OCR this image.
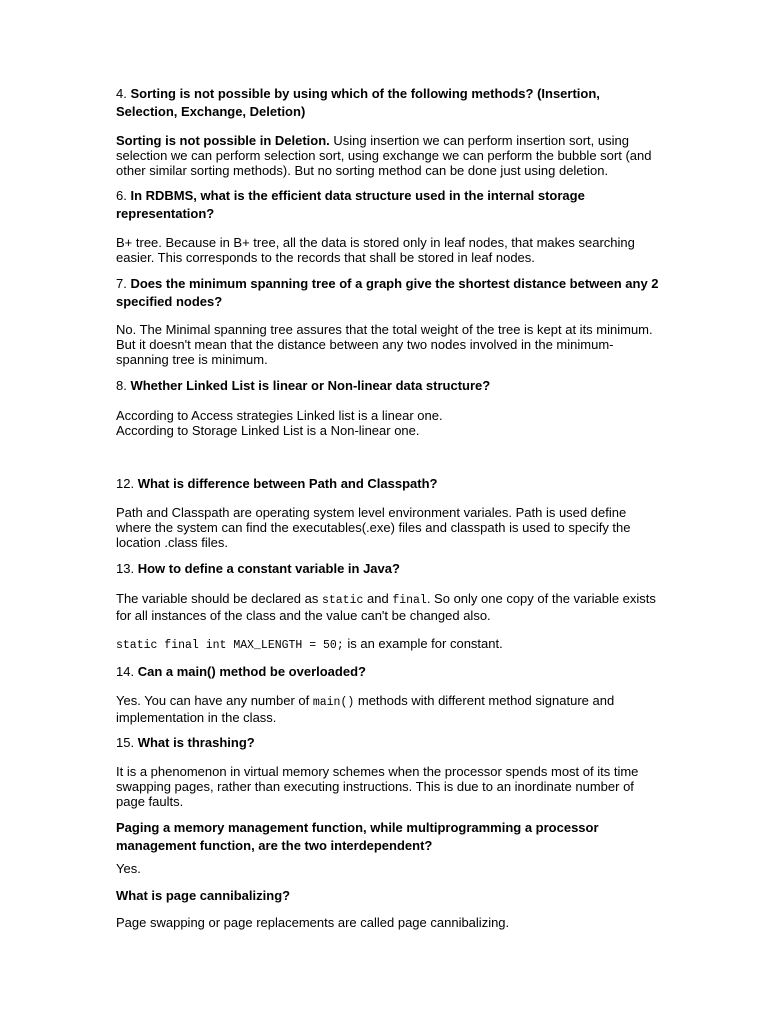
4. Sorting is not possible by using which of the following methods? (Insertion, Selection, Exchange, Deletion)

Sorting is not possible in Deletion. Using insertion we can perform insertion sort, using selection we can perform selection sort, using exchange we can perform the bubble sort (and other similar sorting methods). But no sorting method can be done just using deletion.

6. In RDBMS, what is the efficient data structure used in the internal storage representation?

B+ tree. Because in B+ tree, all the data is stored only in leaf nodes, that makes searching easier. This corresponds to the records that shall be stored in leaf nodes.

7. Does the minimum spanning tree of a graph give the shortest distance between any 2 specified nodes?

No. The Minimal spanning tree assures that the total weight of the tree is kept at its minimum. But it doesn't mean that the distance between any two nodes involved in the minimum-spanning tree is minimum.

8. Whether Linked List is linear or Non-linear data structure?

According to Access strategies Linked list is a linear one.
According to Storage Linked List is a Non-linear one.

12. What is difference between Path and Classpath?

Path and Classpath are operating system level environment variales. Path is used define where the system can find the executables(.exe) files and classpath is used to specify the location .class files.

13. How to define a constant variable in Java?

The variable should be declared as static and final. So only one copy of the variable exists for all instances of the class and the value can't be changed also.

static final int MAX_LENGTH = 50; is an example for constant.

14. Can a main() method be overloaded?

Yes. You can have any number of main() methods with different method signature and implementation in the class.

15. What is thrashing?

It is a phenomenon in virtual memory schemes when the processor spends most of its time swapping pages, rather than executing instructions. This is due to an inordinate number of page faults.

Paging a memory management function, while multiprogramming a processor management function, are the two interdependent?

Yes.

What is page cannibalizing?

Page swapping or page replacements are called page cannibalizing.
